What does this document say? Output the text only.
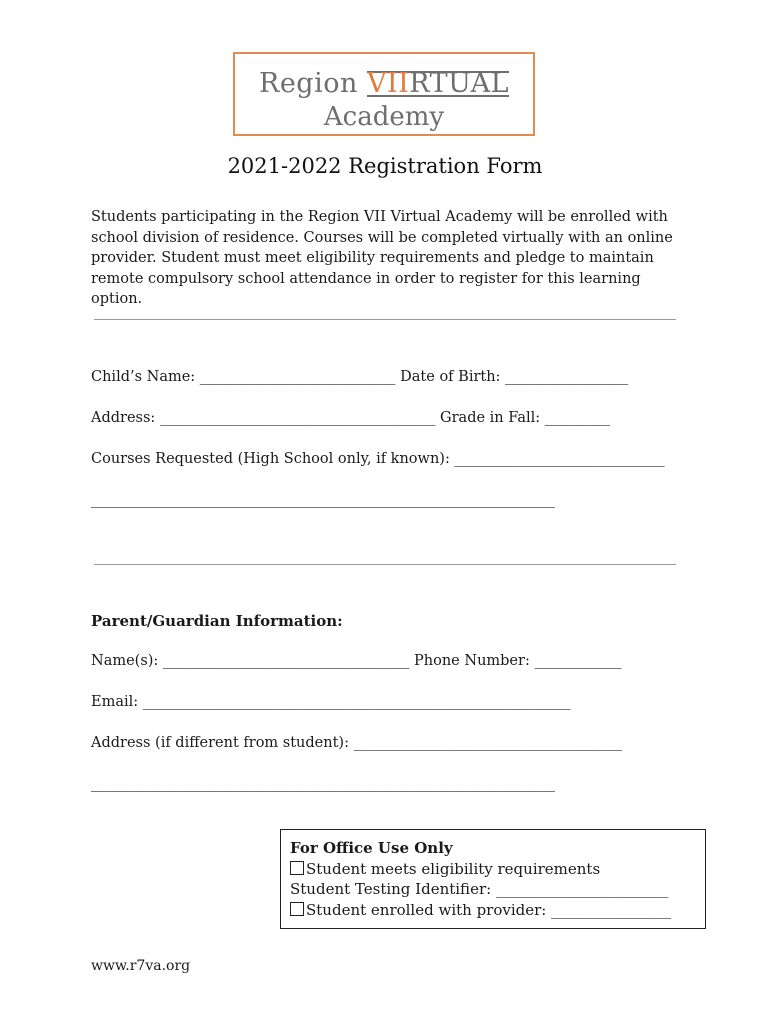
Region VIIRTUAL
Academy
2021-2022 Registration Form
Students participating in the Region VII Virtual Academy will be enrolled with school division of residence. Courses will be completed virtually with an online provider. Student must meet eligibility requirements and pledge to maintain remote compulsory school attendance in order to register for this learning option.
Child’s Name: ___________________________ Date of Birth: _________________
Address: ______________________________________ Grade in Fall: _________
Courses Requested (High School only, if known): _____________________________
________________________________________________________________
Parent/Guardian Information:
Name(s): __________________________________ Phone Number: ____________
Email: ___________________________________________________________
Address (if different from student): _____________________________________
________________________________________________________________
For Office Use Only
Student meets eligibility requirements
Student Testing Identifier: _______________________
Student enrolled with provider: ________________
www.r7va.org
